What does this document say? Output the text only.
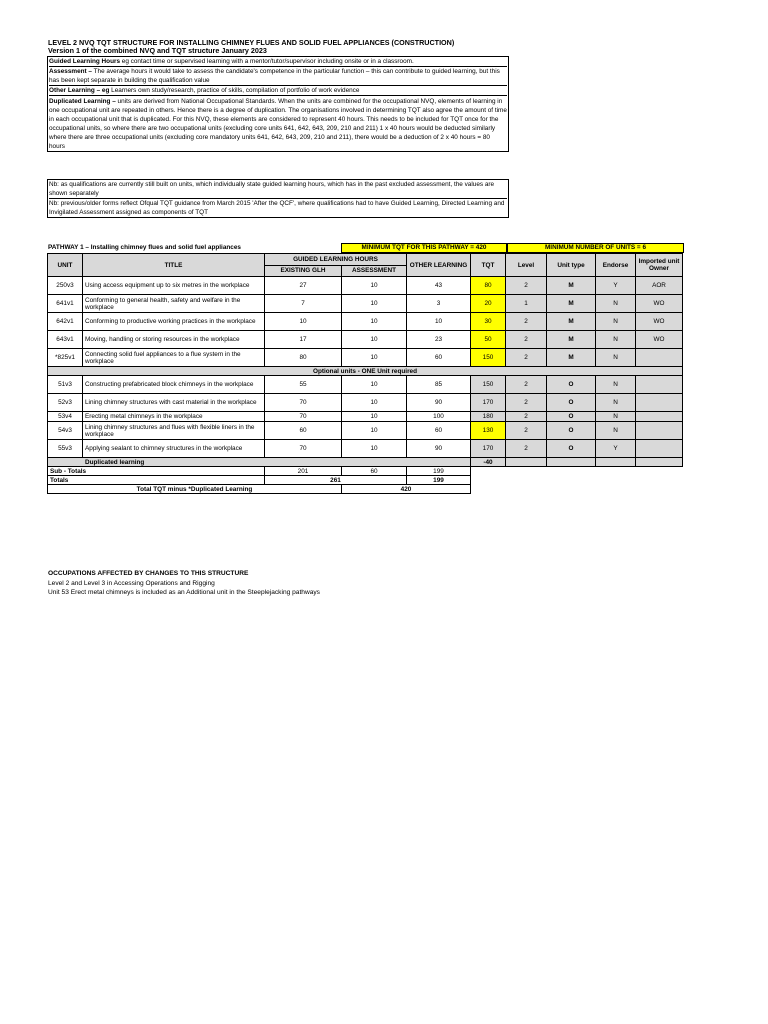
LEVEL 2 NVQ TQT STRUCTURE FOR INSTALLING CHIMNEY FLUES AND SOLID FUEL APPLIANCES (CONSTRUCTION)
Version 1 of the combined NVQ and TQT structure January 2023
Guided Learning Hours eg contact time or supervised learning with a mentor/tutor/supervisor including onsite or in a classroom.
Assessment – The average hours it would take to assess the candidate's competence in the particular function – this can contribute to guided learning, but this has been kept separate in building the qualification value
Other Learning – eg Learners own study/research, practice of skills, compilation of portfolio of work evidence
Duplicated Learning – units are derived from National Occupational Standards. When the units are combined for the occupational NVQ, elements of learning in one occupational unit are repeated in others. Hence there is a degree of duplication. The organisations involved in determining TQT also agree the amount of time in each occupational unit that is duplicated. For this NVQ, these elements are considered to represent 40 hours. This needs to be included for TQT once for the occupational units, so where there are two occupational units (excluding core units 641, 642, 643, 209, 210 and 211) 1 x 40 hours would be deducted similarly where there are three occupational units (excluding core mandatory units 641, 642, 643, 209, 210 and 211), there would be a deduction of 2 x 40 hours = 80 hours
Nb: as qualifications are currently still built on units, which individually state guided learning hours, which has in the past excluded assessment, the values are shown separately
Nb: previous/older forms reflect Ofqual TQT guidance from March 2015 'After the QCF', where qualifications had to have Guided Learning, Directed Learning and Invigilated Assessment assigned as components of TQT
PATHWAY 1 – Installing chimney flues and solid fuel appliances	MINIMUM TQT FOR THIS PATHWAY = 420	MINIMUM NUMBER OF UNITS = 6
UNIT	TITLE	GUIDED LEARNING HOURS		OTHER LEARNING	TQT	Level	Unit type	Endorse	Imported unit Owner
		EXISTING GLH	ASSESSMENT						
250v3	Using access equipment up to six metres in the workplace	27	10	43	80	2	M	Y	AOR
641v1	Conforming to general health, safety and welfare in the workplace	7	10	3	20	1	M	N	WO
642v1	Conforming to productive working practices in the workplace	10	10	10	30	2	M	N	WO
643v1	Moving, handling or storing resources in the workplace	17	10	23	50	2	M	N	WO
*825v1	Connecting solid fuel appliances to a flue system in the workplace	80	10	60	150	2	M	N	
Optional units - ONE Unit required									
51v3	Constructing prefabricated block chimneys in the workplace	55	10	85	150	2	O	N	
52v3	Lining chimney structures with cast material in the workplace	70	10	90	170	2	O	N	
53v4	Erecting metal chimneys in the workplace	70	10	100	180	2	O	N	
54v3	Lining chimney structures and flues with flexible liners in the workplace	60	10	60	130	2	O	N	
55v3	Applying sealant to chimney structures in the workplace	70	10	90	170	2	O	Y	
Duplicated learning					-40				
Sub - Totals		201	60	199					
Totals		261		199					
Total TQT minus *Duplicated Learning			420						
OCCUPATIONS AFFECTED BY CHANGES TO THIS STRUCTURE
Level 2 and Level 3 in Accessing Operations and Rigging
Unit 53 Erect metal chimneys is included as an Additional unit in the Steeplejacking pathways
